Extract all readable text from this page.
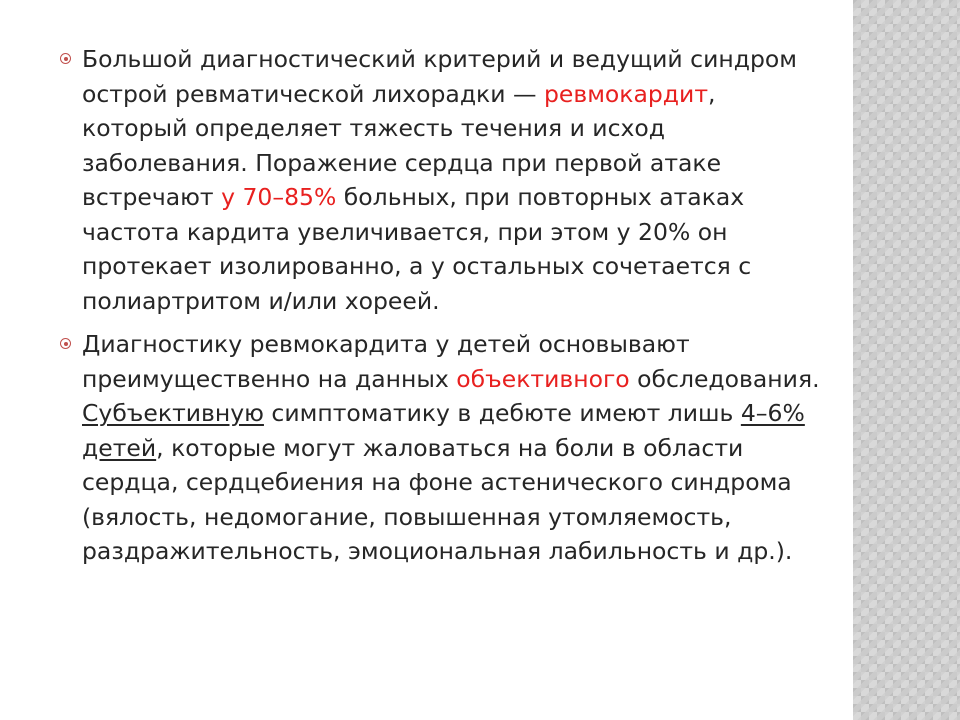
Большой диагностический критерий и ведущий синдром острой ревматической лихорадки — ревмокардит, который определяет тяжесть течения и исход заболевания. Поражение сердца при первой атаке встречают у 70–85% больных, при повторных атаках частота кардита увеличивается, при этом у 20% он протекает изолированно, а у остальных сочетается с полиартритом и/или хореей.

Диагностику ревмокардита у детей основывают преимущественно на данных объективного обследования. Субъективную симптоматику в дебюте имеют лишь 4–6% детей, которые могут жаловаться на боли в области сердца, сердцебиения на фоне астенического синдрома (вялость, недомогание, повышенная утомляемость, раздражительность, эмоциональная лабильность и др.).
